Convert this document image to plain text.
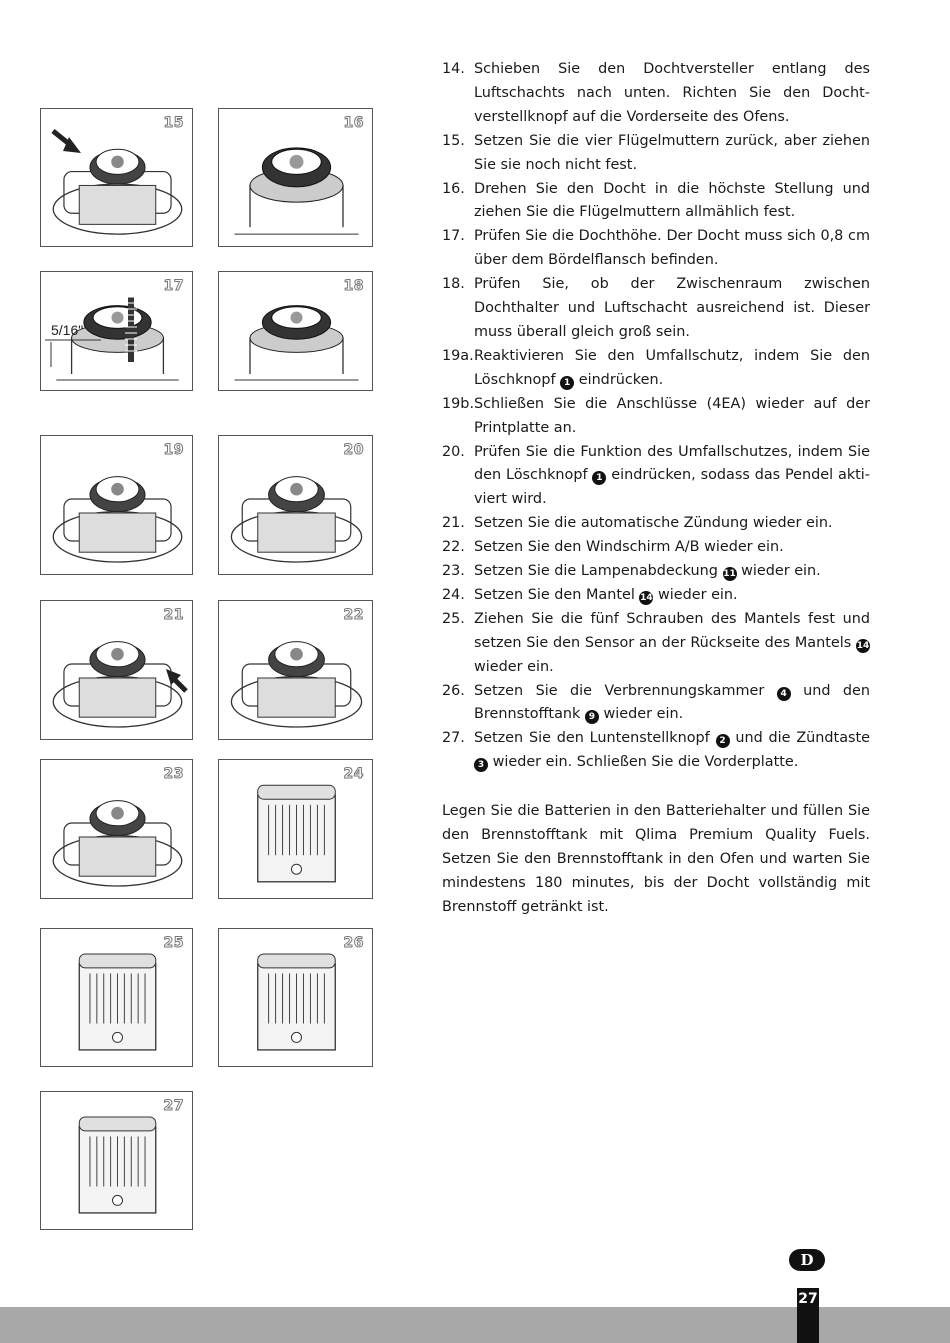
15	16
17
5/16"
18
19	20
21	22
23	24
25	26
27
14. Schieben Sie den Dochtversteller entlang des Luftschachts nach unten. Richten Sie den Docht-verstellknopf auf die Vorderseite des Ofens.
15. Setzen Sie die vier Flügelmuttern zurück, aber ziehen Sie sie noch nicht fest.
16. Drehen Sie den Docht in die höchste Stellung und ziehen Sie die Flügelmuttern allmählich fest.
17. Prüfen Sie die Dochthöhe. Der Docht muss sich 0,8 cm über dem Bördelflansch befinden.
18. Prüfen Sie, ob der Zwischenraum zwischen Dochthalter und Luftschacht ausreichend ist. Dieser muss überall gleich groß sein.
19a. Reaktivieren Sie den Umfallschutz, indem Sie den Löschknopf 1 eindrücken.
19b. Schließen Sie die Anschlüsse (4EA) wieder auf der Printplatte an.
20. Prüfen Sie die Funktion des Umfallschutzes, indem Sie den Löschknopf 1 eindrücken, sodass das Pendel akti-viert wird.
21. Setzen Sie die automatische Zündung wieder ein.
22. Setzen Sie den Windschirm A/B wieder ein.
23. Setzen Sie die Lampenabdeckung 11 wieder ein.
24. Setzen Sie den Mantel 14 wieder ein.
25. Ziehen Sie die fünf Schrauben des Mantels fest und setzen Sie den Sensor an der Rückseite des Mantels 14 wieder ein.
26. Setzen Sie die Verbrennungskammer 4 und den Brennstofftank 9 wieder ein.
27. Setzen Sie den Luntenstellknopf 2 und die Zündtaste 3 wieder ein. Schließen Sie die Vorderplatte.
Legen Sie die Batterien in den Batteriehalter und füllen Sie den Brennstofftank mit Qlima Premium Quality Fuels. Setzen Sie den Brennstofftank in den Ofen und warten Sie mindestens 180 minutes, bis der Docht vollständig mit Brennstoff getränkt ist.
D
27
